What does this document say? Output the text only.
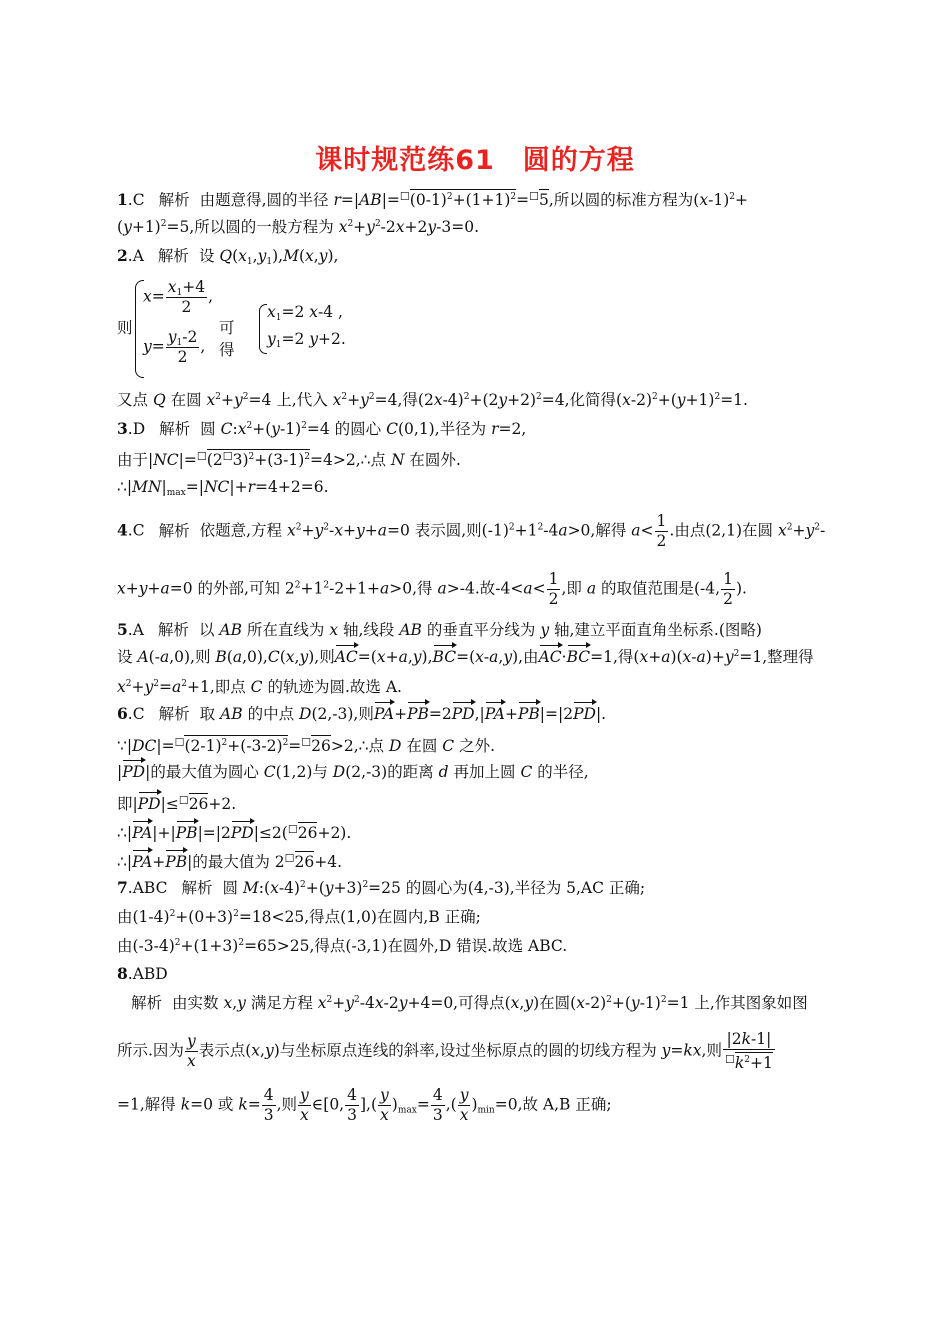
课时规范练61　圆的方程
1.C 解析 由题意得,圆的半径 $r=|AB|=^☐(0-1)^2+(1+1)^2=^☐5$,所以圆的标准方程为$(x-1)^2+$
$(y+1)^2=5$,所以圆的一般方程为 $x^2+y^2-2x+2y-3=0$.
2.A 解析 设 $Q(x_1,y_1),M(x,y)$,
则
$x= \frac{x_1+4}{2}$ ,
$y= \frac{y_1-2}{2}$ ,
可得
$x_1=2$ x-4 ,
$y_1=2$ y+2.
又点 Q 在圆 $x^2+y^2=4$ 上,代入 $x^2+y^2=4$,得$(2x-4)^2+(2y+2)^2=4$,化简得$(x-2)^2+(y+1)^2=1$.
3.D 解析 圆 $C:x^2+(y-1)^2=4$ 的圆心 C(0,1),半径为 r=2,
由于$|NC|=^☐(2^☐3)^2+(3-1)^2=4>2,\therefore$点 N 在圆外.
$\therefore|MN|_{max}=|NC|+r=4+2=6$.
4.C 解析 依题意,方程 $x^2+y^2-x+y+a=0$ 表示圆,则$(-1)^2+1^2-4a>0$,解得 $a< \frac{1}{2}$ .由点(2,1)在圆 $x^2+y^2-$
x+y+a=0 的外部,可知 $2^2+1^2-2+1+a>0$,得 a>-4.故$-4<a< \frac{1}{2}$ ,即 a 的取值范围是(-4, $\frac{1}{2}$ ).
5.A 解析 以 AB 所在直线为 x 轴,线段 AB 的垂直平分线为 y 轴,建立平面直角坐标系.(图略)
设 A(-a,0),则 B(a,0),C(x,y),则AC=(x+a,y),BC=(x-a,y),由AC·BC=1,得$(x+a)(x-a)+y^2=1$,整理得
$x^2+y^2=a^2+1$,即点 C 的轨迹为圆.故选 A.
6.C 解析 取 AB 的中点 D(2,-3),则PA+PB=2PD,|PA+PB|=|2PD|.
$\because|DC|=^☐(2-1)^2+(-3-2)^2=^☐26>2,\therefore$点 D 在圆 C 之外.
|PD|的最大值为圆心 C(1,2)与 D(2,-3)的距离 d 再加上圆 C 的半径,
即|PD|≤☐26+2.
∴|PA|+|PB|=|2PD|≤2(☐26+2).
∴|PA+PB|的最大值为 2☐26+4.
7.ABC 解析 圆 $M:(x-4)^2+(y+3)^2=25$ 的圆心为(4,-3),半径为 5,AC 正确;
由$(1-4)^2+(0+3)^2=18<25$,得点(1,0)在圆内,B 正确;
由$(-3-4)^2+(1+3)^2=65>25$,得点(-3,1)在圆外,D 错误.故选 ABC.
8.ABD
解析 由实数 x,y 满足方程 $x^2+y^2-4x-2y+4=0$,可得点(x,y)在圆$(x-2)^2+(y-1)^2=1$ 上,作其图象如图
所示.因为 $\frac{y}{x}$ 表示点(x,y)与坐标原点连线的斜率,设过坐标原点的圆的切线方程为 y=kx,则 $\frac{|2k-1|}{^☐k^2+1}$
=1,解得 k=0 或 $k= \frac{4}{3}$ ,则 $\frac{y}{x}$ ∈[0, $\frac{4}{3}$ ],( $\frac{y}{x} )_{max}= \frac{4}{3}$ ,( $\frac{y}{x} )_{min}=0$,故 A,B 正确;
